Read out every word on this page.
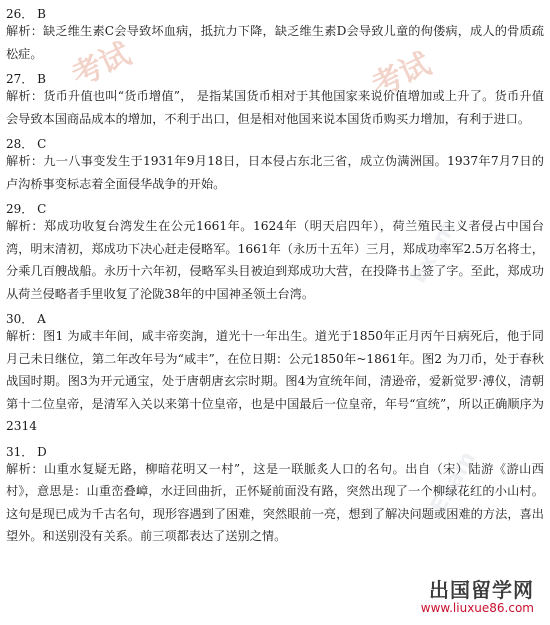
考试	考试
Exam
Exam

26． B

解析：缺乏维生素C会导致坏血病，抵抗力下降，缺乏维生素D会导致儿童的佝偻病，成人的骨质疏松症。

27． B

解析：货币升值也叫“货币增值”， 是指某国货币相对于其他国家来说价值增加或上升了。货币升值会导致本国商品成本的增加，不利于出口，但是相对他国来说本国货币购买力增加，有利于进口。

28． C

解析：九一八事变发生于1931年9月18日，日本侵占东北三省，成立伪满洲国。1937年7月7日的卢沟桥事变标志着全面侵华战争的开始。

29． C

解析：郑成功收复台湾发生在公元1661年。1624年（明天启四年），荷兰殖民主义者侵占中国台湾，明末清初，郑成功下决心赶走侵略军。1661年（永历十五年）三月，郑成功率军2.5万名将士，分乘几百艘战船。永历十六年初，侵略军头目被迫到郑成功大营，在投降书上签了字。至此，郑成功从荷兰侵略者手里收复了沦陇38年的中国神圣领土台湾。

30． A

解析：图1 为咸丰年间，咸丰帝奕詢，道光十一年出生。道光于1850年正月丙午日病死后，他于同月己未日继位，第二年改年号为“咸丰”，在位日期：公元1850年~1861年。图2 为刀币，处于春秋战国时期。图3为开元通宝，处于唐朝唐玄宗时期。图4为宣统年间，清逊帝，爱新觉罗·溥仪，清朝第十二位皇帝，是清军入关以来第十位皇帝，也是中国最后一位皇帝，年号“宣统”，所以正确顺序为2314

31． D

解析：山重水复疑无路，柳暗花明又一村”，这是一联脈炙人口的名句。出自（宋）陆游《游山西村》，意思是：山重峦叠嶂，水迂回曲折，正怀疑前面没有路，突然出现了一个柳绿花红的小山村。这句是现已成为千古名句，现形容遇到了困难，突然眼前一亮，想到了解决问题或困难的方法，喜出望外。和送别没有关系。前三项都表达了送别之情。

出国留学网
www.liuxue86.com
